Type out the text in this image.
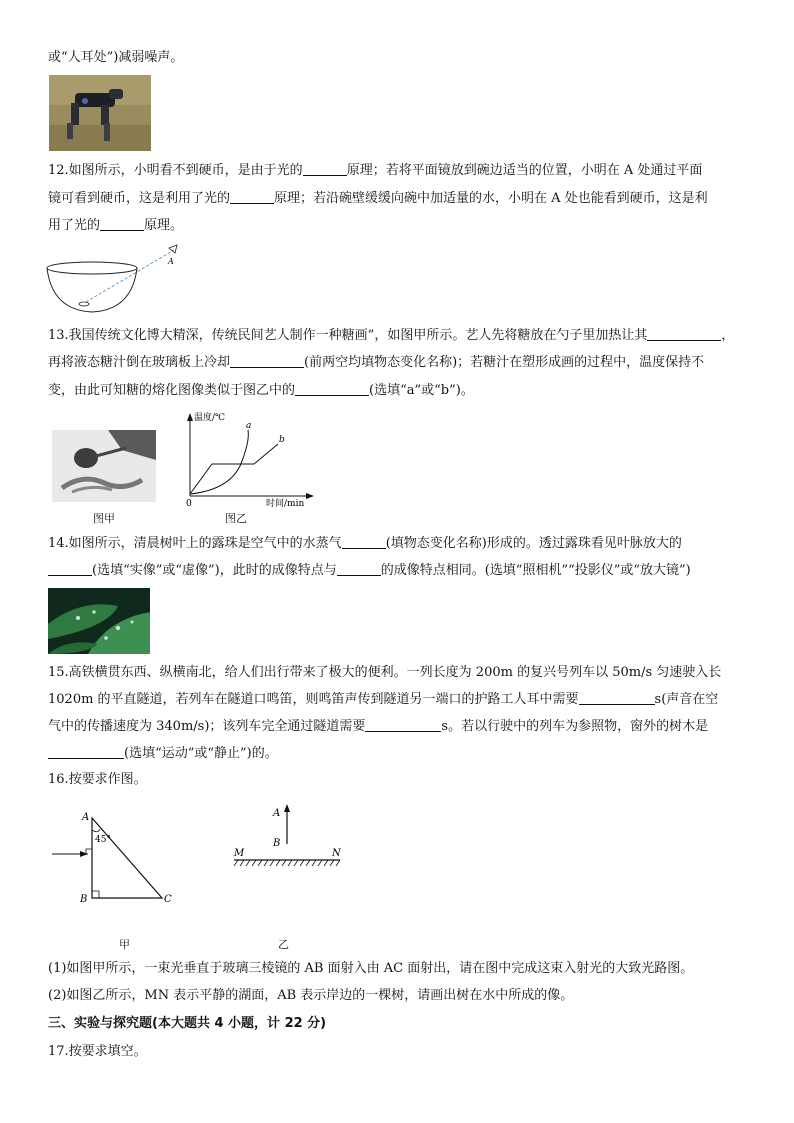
或“人耳处”)减弱噪声。
12.如图所示，小明看不到硬币，是由于光的	原理；若将平面镜放到碗边适当的位置，小明在 A 处通过平面
镜可看到硬币，这是利用了光的	原理；若沿碗壁缓缓向碗中加适量的水，小明在 A 处也能看到硬币，这是利
用了光的	原理。
A
13.我国传统文化博大精深，传统民间艺人制作一种糖画”，如图甲所示。艺人先将糖放在勺子里加热让其	，
再将液态糖汁倒在玻璃板上冷却	(前两空均填物态变化名称)；若糖汁在塑形成画的过程中，温度保持不
变，由此可知糖的熔化图像类似于图乙中的	(选填“a”或“b”)。
图甲
温度/℃
0	时间/min
a
b
图乙
14.如图所示，清晨树叶上的露珠是空气中的水蒸气	(填物态变化名称)形成的。透过露珠看见叶脉放大的
(选填“实像”或“虚像”)，此时的成像特点与	的成像特点相同。(选填“照相机”“投影仪”或“放大镜”)
15.高铁横贯东西、纵横南北，给人们出行带来了极大的便利。一列长度为 200m 的复兴号列车以 50m/s 匀速驶入长
1020m 的平直隧道，若列车在隧道口鸣笛，则鸣笛声传到隧道另一端口的护路工人耳中需要	s(声音在空
气中的传播速度为 340m/s)；该列车完全通过隧道需要	s。若以行驶中的列车为参照物，窗外的树木是
(选填“运动”或“静止”)的。
16.按要求作图。
A
45°
B	C
甲
A
B
M	N
乙
(1)如图甲所示，一束光垂直于玻璃三棱镜的 AB 面射入由 AC 面射出，请在图中完成这束入射光的大致光路图。
(2)如图乙所示，MN 表示平静的湖面，AB 表示岸边的一棵树，请画出树在水中所成的像。
三、实验与探究题(本大题共 4 小题，计 22 分)
17.按要求填空。
